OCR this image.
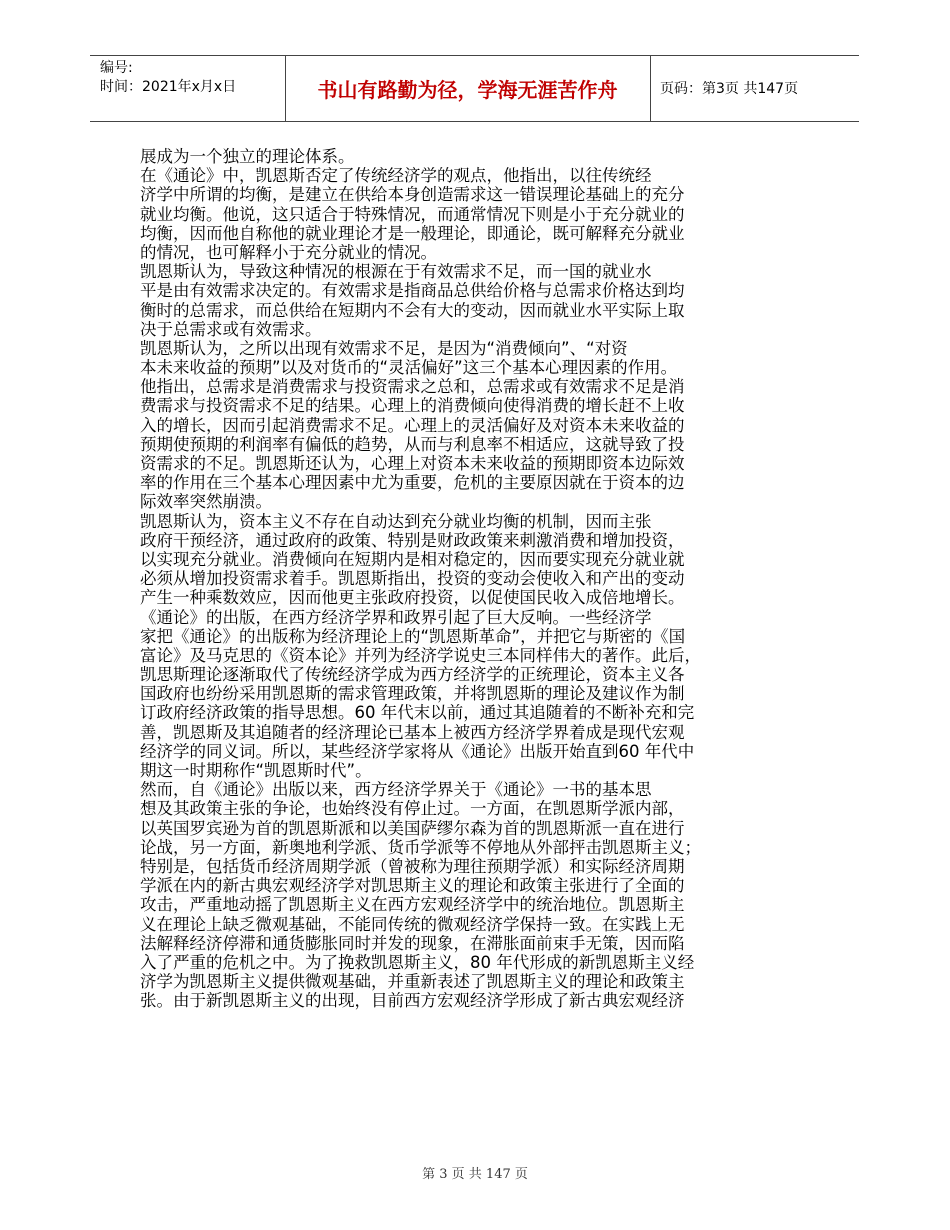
编号:
时间：2021年x月x日	书山有路勤为径，学海无涯苦作舟	页码：第3页 共147页
展成为一个独立的理论体系。
在《通论》中，凯恩斯否定了传统经济学的观点，他指出，以往传统经
济学中所谓的均衡，是建立在供给本身创造需求这一错误理论基础上的充分
就业均衡。他说，这只适合于特殊情况，而通常情况下则是小于充分就业的
均衡，因而他自称他的就业理论才是一般理论，即通论，既可解释充分就业
的情况，也可解释小于充分就业的情况。
凯恩斯认为，导致这种情况的根源在于有效需求不足，而一国的就业水
平是由有效需求决定的。有效需求是指商品总供给价格与总需求价格达到均
衡时的总需求，而总供给在短期内不会有大的变动，因而就业水平实际上取
决于总需求或有效需求。
凯恩斯认为，之所以出现有效需求不足，是因为“消费倾向”、“对资
本未来收益的预期”以及对货币的“灵活偏好”这三个基本心理因素的作用。
他指出，总需求是消费需求与投资需求之总和，总需求或有效需求不足是消
费需求与投资需求不足的结果。心理上的消费倾向使得消费的增长赶不上收
入的增长，因而引起消费需求不足。心理上的灵活偏好及对资本未来收益的
预期使预期的利润率有偏低的趋势，从而与利息率不相适应，这就导致了投
资需求的不足。凯恩斯还认为，心理上对资本未来收益的预期即资本边际效
率的作用在三个基本心理因素中尤为重要，危机的主要原因就在于资本的边
际效率突然崩溃。
凯恩斯认为，资本主义不存在自动达到充分就业均衡的机制，因而主张
政府干预经济，通过政府的政策、特别是财政政策来刺激消费和增加投资，
以实现充分就业。消费倾向在短期内是相对稳定的，因而要实现充分就业就
必须从增加投资需求着手。凯恩斯指出，投资的变动会使收入和产出的变动
产生一种乘数效应，因而他更主张政府投资，以促使国民收入成倍地增长。
《通论》的出版，在西方经济学界和政界引起了巨大反响。一些经济学
家把《通论》的出版称为经济理论上的“凯恩斯革命”，并把它与斯密的《国
富论》及马克思的《资本论》并列为经济学说史三本同样伟大的著作。此后，
凯思斯理论逐渐取代了传统经济学成为西方经济学的正统理论，资本主义各
国政府也纷纷采用凯恩斯的需求管理政策，并将凯恩斯的理论及建议作为制
订政府经济政策的指导思想。60 年代末以前，通过其追随着的不断补充和完
善，凯恩斯及其追随者的经济理论已基本上被西方经济学界着成是现代宏观
经济学的同义词。所以，某些经济学家将从《通论》出版开始直到60 年代中
期这一时期称作“凯恩斯时代”。
然而，自《通论》出版以来，西方经济学界关于《通论》一书的基本思
想及其政策主张的争论，也始终没有停止过。一方面，在凯恩斯学派内部，
以英国罗宾逊为首的凯恩斯派和以美国萨缪尔森为首的凯恩斯派一直在进行
论战，另一方面，新奥地利学派、货币学派等不停地从外部抨击凯恩斯主义；
特别是，包括货币经济周期学派（曾被称为理往预期学派）和实际经济周期
学派在内的新古典宏观经济学对凯思斯主义的理论和政策主张进行了全面的
攻击，严重地动摇了凯恩斯主义在西方宏观经济学中的统治地位。凯恩斯主
义在理论上缺乏微观基础，不能同传统的微观经济学保持一致。在实践上无
法解释经济停滞和通货膨胀同时并发的现象，在滞胀面前束手无策，因而陷
入了严重的危机之中。为了挽救凯恩斯主义，80 年代形成的新凯恩斯主义经
济学为凯恩斯主义提供微观基础，并重新表述了凯恩斯主义的理论和政策主
张。由于新凯恩斯主义的出现，目前西方宏观经济学形成了新古典宏观经济
第 3 页 共 147 页
